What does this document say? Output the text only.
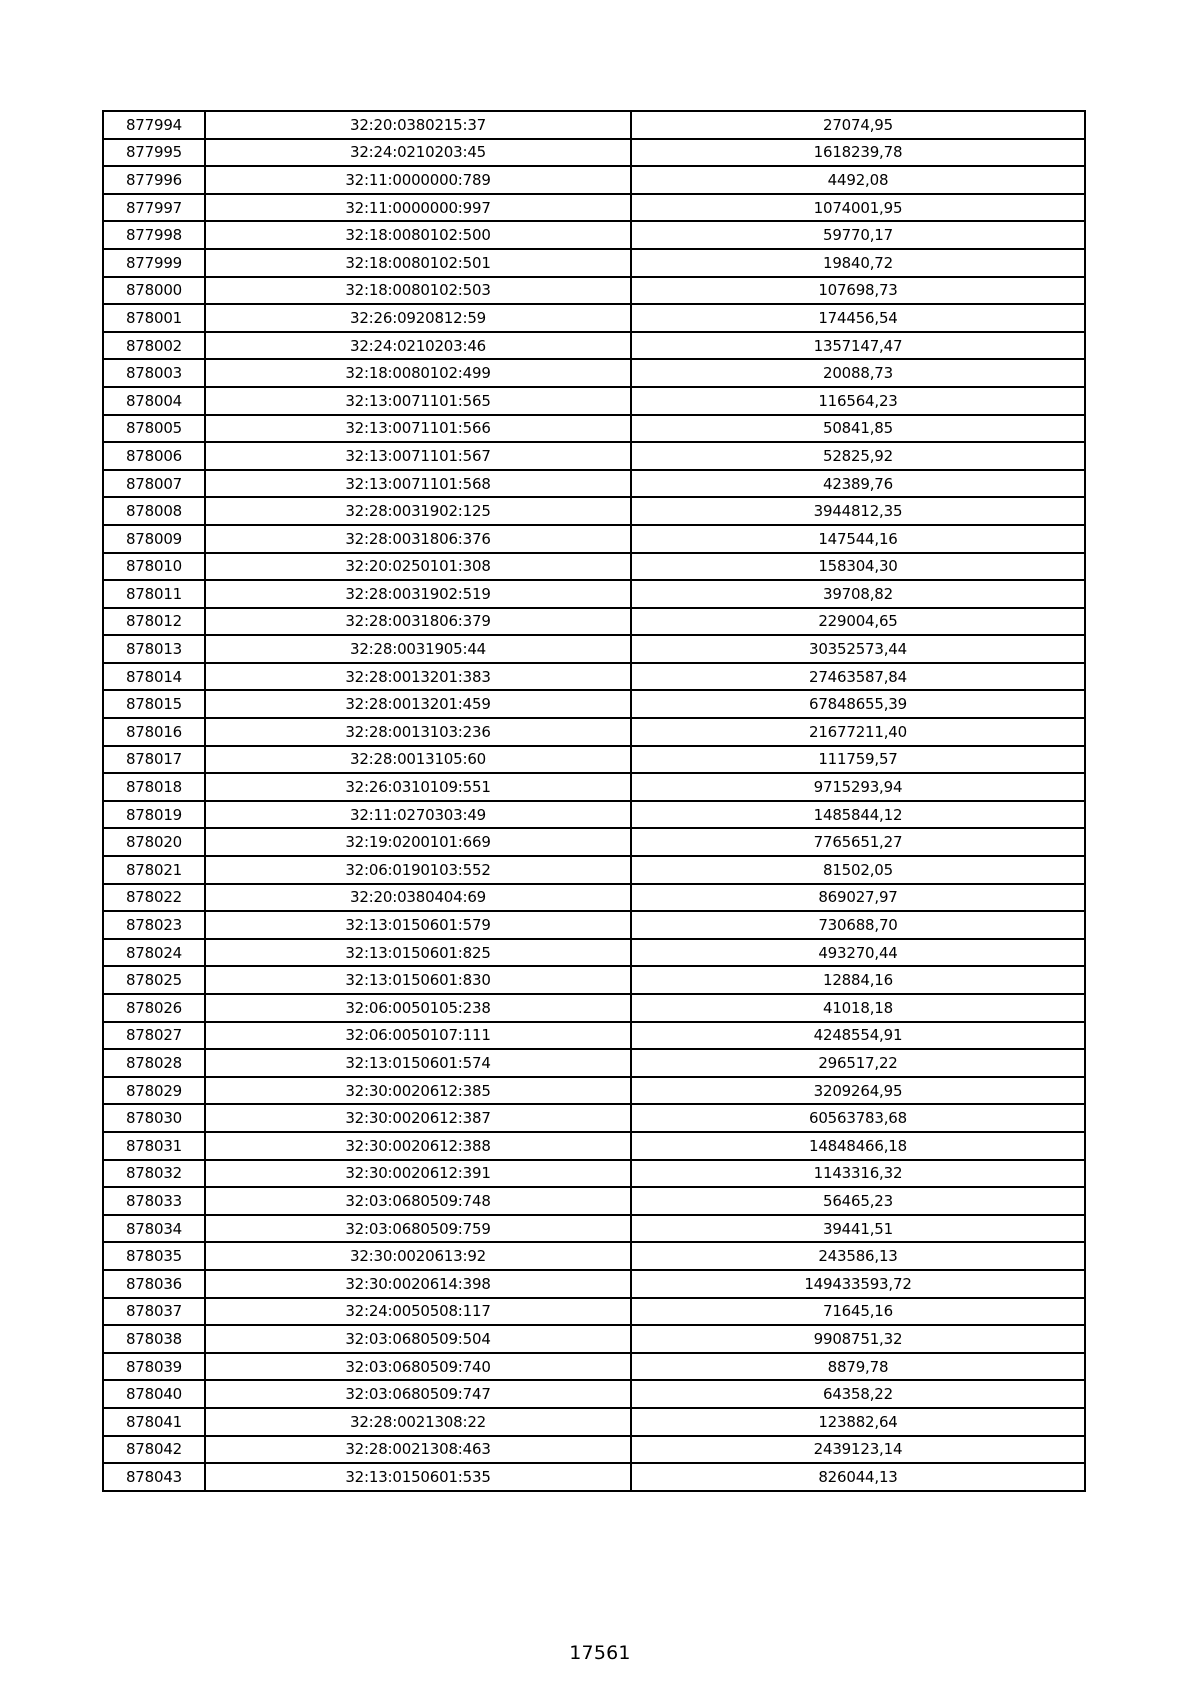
877994	32:20:0380215:37	27074,95
877995	32:24:0210203:45	1618239,78
877996	32:11:0000000:789	4492,08
877997	32:11:0000000:997	1074001,95
877998	32:18:0080102:500	59770,17
877999	32:18:0080102:501	19840,72
878000	32:18:0080102:503	107698,73
878001	32:26:0920812:59	174456,54
878002	32:24:0210203:46	1357147,47
878003	32:18:0080102:499	20088,73
878004	32:13:0071101:565	116564,23
878005	32:13:0071101:566	50841,85
878006	32:13:0071101:567	52825,92
878007	32:13:0071101:568	42389,76
878008	32:28:0031902:125	3944812,35
878009	32:28:0031806:376	147544,16
878010	32:20:0250101:308	158304,30
878011	32:28:0031902:519	39708,82
878012	32:28:0031806:379	229004,65
878013	32:28:0031905:44	30352573,44
878014	32:28:0013201:383	27463587,84
878015	32:28:0013201:459	67848655,39
878016	32:28:0013103:236	21677211,40
878017	32:28:0013105:60	111759,57
878018	32:26:0310109:551	9715293,94
878019	32:11:0270303:49	1485844,12
878020	32:19:0200101:669	7765651,27
878021	32:06:0190103:552	81502,05
878022	32:20:0380404:69	869027,97
878023	32:13:0150601:579	730688,70
878024	32:13:0150601:825	493270,44
878025	32:13:0150601:830	12884,16
878026	32:06:0050105:238	41018,18
878027	32:06:0050107:111	4248554,91
878028	32:13:0150601:574	296517,22
878029	32:30:0020612:385	3209264,95
878030	32:30:0020612:387	60563783,68
878031	32:30:0020612:388	14848466,18
878032	32:30:0020612:391	1143316,32
878033	32:03:0680509:748	56465,23
878034	32:03:0680509:759	39441,51
878035	32:30:0020613:92	243586,13
878036	32:30:0020614:398	149433593,72
878037	32:24:0050508:117	71645,16
878038	32:03:0680509:504	9908751,32
878039	32:03:0680509:740	8879,78
878040	32:03:0680509:747	64358,22
878041	32:28:0021308:22	123882,64
878042	32:28:0021308:463	2439123,14
878043	32:13:0150601:535	826044,13
17561
